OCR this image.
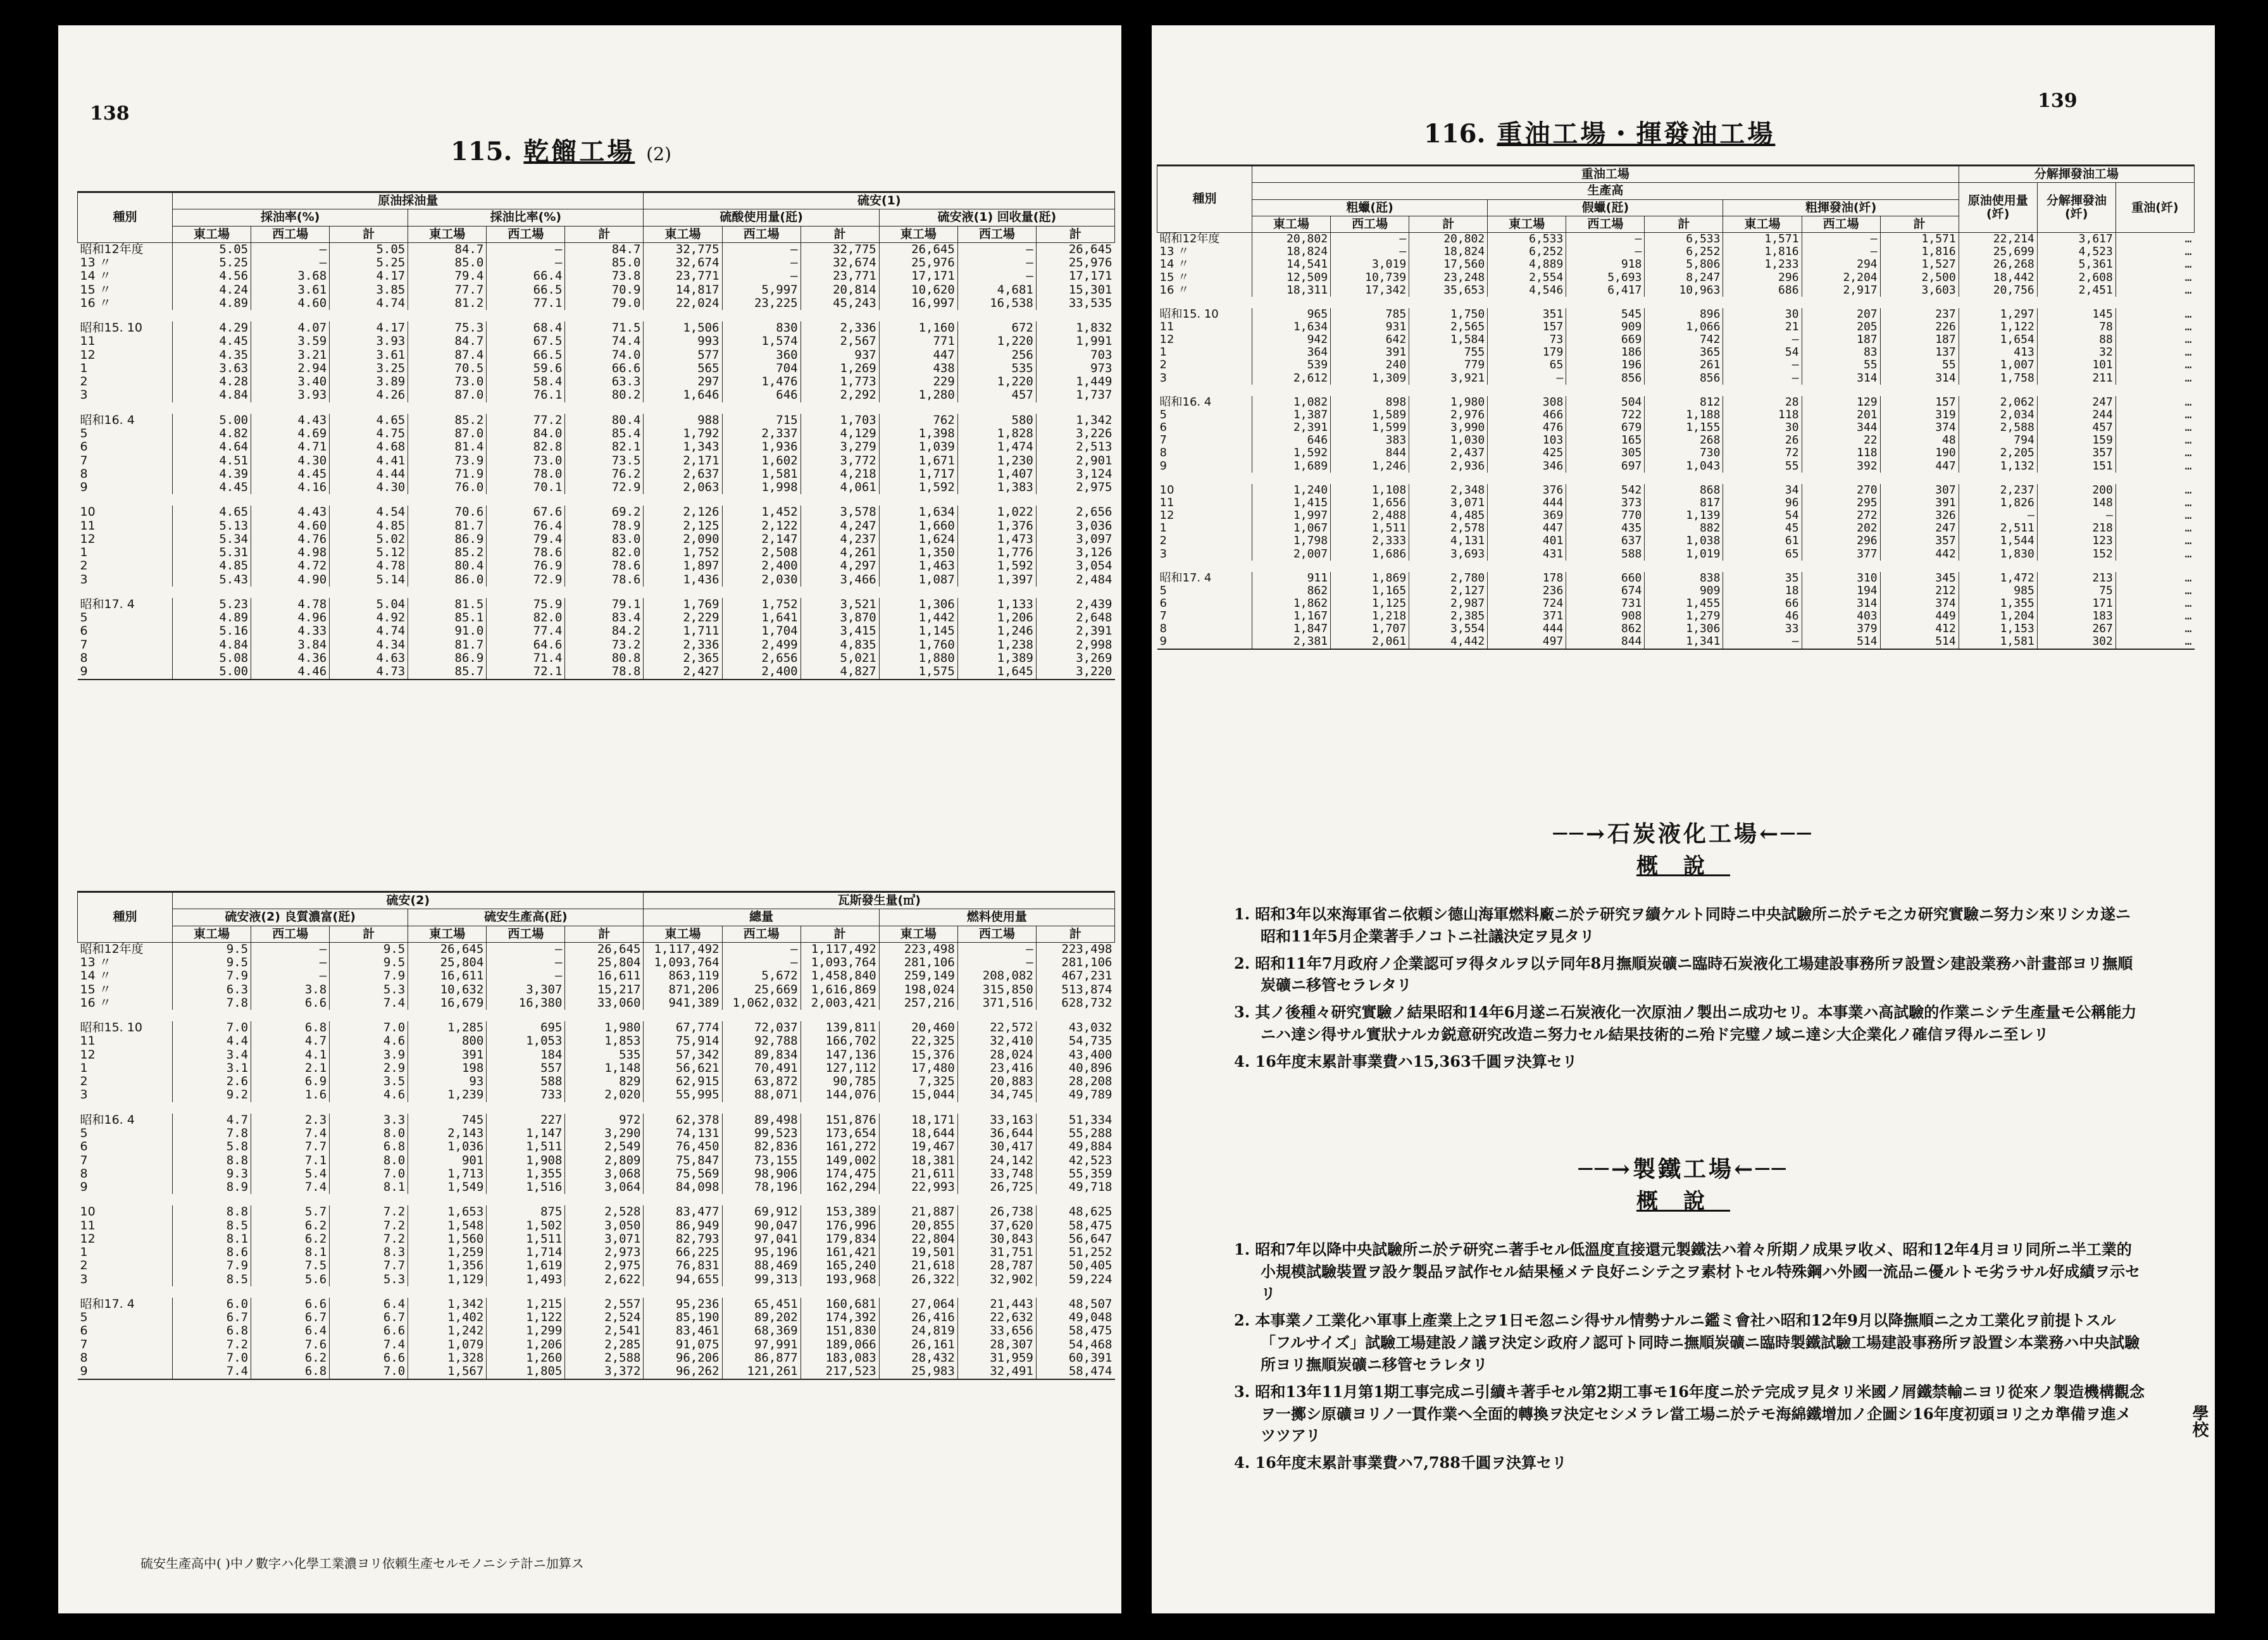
138
115. 乾餾工場 (2)
種別	原油採油量						硫安(1)					
	採油率(%)			採油比率(%)			硫酸使用量(瓩)			硫安液(1) 回收量(瓩)		
	東工場	西工場	計	東工場	西工場	計	東工場	西工場	計	東工場	西工場	計
昭和12年度	5.05	—	5.05	84.7	—	84.7	32,775	—	32,775	26,645	—	26,645
13 〃	5.25	—	5.25	85.0	—	85.0	32,674	—	32,674	25,976	—	25,976
14 〃	4.56	3.68	4.17	79.4	66.4	73.8	23,771	—	23,771	17,171	—	17,171
15 〃	4.24	3.61	3.85	77.7	66.5	70.9	14,817	5,997	20,814	10,620	4,681	15,301
16 〃	4.89	4.60	4.74	81.2	77.1	79.0	22,024	23,225	45,243	16,997	16,538	33,535

昭和15. 10	4.29	4.07	4.17	75.3	68.4	71.5	1,506	830	2,336	1,160	672	1,832
11	4.45	3.59	3.93	84.7	67.5	74.4	993	1,574	2,567	771	1,220	1,991
12	4.35	3.21	3.61	87.4	66.5	74.0	577	360	937	447	256	703
1	3.63	2.94	3.25	70.5	59.6	66.6	565	704	1,269	438	535	973
2	4.28	3.40	3.89	73.0	58.4	63.3	297	1,476	1,773	229	1,220	1,449
3	4.84	3.93	4.26	87.0	76.1	80.2	1,646	646	2,292	1,280	457	1,737

昭和16. 4	5.00	4.43	4.65	85.2	77.2	80.4	988	715	1,703	762	580	1,342
5	4.82	4.69	4.75	87.0	84.0	85.4	1,792	2,337	4,129	1,398	1,828	3,226
6	4.64	4.71	4.68	81.4	82.8	82.1	1,343	1,936	3,279	1,039	1,474	2,513
7	4.51	4.30	4.41	73.9	73.0	73.5	2,171	1,602	3,772	1,671	1,230	2,901
8	4.39	4.45	4.44	71.9	78.0	76.2	2,637	1,581	4,218	1,717	1,407	3,124
9	4.45	4.16	4.30	76.0	70.1	72.9	2,063	1,998	4,061	1,592	1,383	2,975

10	4.65	4.43	4.54	70.6	67.6	69.2	2,126	1,452	3,578	1,634	1,022	2,656
11	5.13	4.60	4.85	81.7	76.4	78.9	2,125	2,122	4,247	1,660	1,376	3,036
12	5.34	4.76	5.02	86.9	79.4	83.0	2,090	2,147	4,237	1,624	1,473	3,097
1	5.31	4.98	5.12	85.2	78.6	82.0	1,752	2,508	4,261	1,350	1,776	3,126
2	4.85	4.72	4.78	80.4	76.9	78.6	1,897	2,400	4,297	1,463	1,592	3,054
3	5.43	4.90	5.14	86.0	72.9	78.6	1,436	2,030	3,466	1,087	1,397	2,484

昭和17. 4	5.23	4.78	5.04	81.5	75.9	79.1	1,769	1,752	3,521	1,306	1,133	2,439
5	4.89	4.96	4.92	85.1	82.0	83.4	2,229	1,641	3,870	1,442	1,206	2,648
6	5.16	4.33	4.74	91.0	77.4	84.2	1,711	1,704	3,415	1,145	1,246	2,391
7	4.84	3.84	4.34	81.7	64.6	73.2	2,336	2,499	4,835	1,760	1,238	2,998
8	5.08	4.36	4.63	86.9	71.4	80.8	2,365	2,656	5,021	1,880	1,389	3,269
9	5.00	4.46	4.73	85.7	72.1	78.8	2,427	2,400	4,827	1,575	1,645	3,220
種別	硫安(2)						瓦斯發生量(㎥)					
	硫安液(2) 良質濃富(瓩)			硫安生產高(瓩)			總量			燃料使用量		
	東工場	西工場	計	東工場	西工場	計	東工場	西工場	計	東工場	西工場	計
昭和12年度	9.5	—	9.5	26,645	—	26,645	1,117,492	—	1,117,492	223,498	—	223,498
13 〃	9.5	—	9.5	25,804	—	25,804	1,093,764	—	1,093,764	281,106	—	281,106
14 〃	7.9	—	7.9	16,611	—	16,611	863,119	5,672	1,458,840	259,149	208,082	467,231
15 〃	6.3	3.8	5.3	10,632	3,307	15,217	871,206	25,669	1,616,869	198,024	315,850	513,874
16 〃	7.8	6.6	7.4	16,679	16,380	33,060	941,389	1,062,032	2,003,421	257,216	371,516	628,732

昭和15. 10	7.0	6.8	7.0	1,285	695	1,980	67,774	72,037	139,811	20,460	22,572	43,032
11	4.4	4.7	4.6	800	1,053	1,853	75,914	92,788	166,702	22,325	32,410	54,735
12	3.4	4.1	3.9	391	184	535	57,342	89,834	147,136	15,376	28,024	43,400
1	3.1	2.1	2.9	198	557	1,148	56,621	70,491	127,112	17,480	23,416	40,896
2	2.6	6.9	3.5	93	588	829	62,915	63,872	90,785	7,325	20,883	28,208
3	9.2	1.6	4.6	1,239	733	2,020	55,995	88,071	144,076	15,044	34,745	49,789

昭和16. 4	4.7	2.3	3.3	745	227	972	62,378	89,498	151,876	18,171	33,163	51,334
5	7.8	7.4	8.0	2,143	1,147	3,290	74,131	99,523	173,654	18,644	36,644	55,288
6	5.8	7.7	6.8	1,036	1,511	2,549	76,450	82,836	161,272	19,467	30,417	49,884
7	8.8	7.1	8.0	901	1,908	2,809	75,847	73,155	149,002	18,381	24,142	42,523
8	9.3	5.4	7.0	1,713	1,355	3,068	75,569	98,906	174,475	21,611	33,748	55,359
9	8.9	7.4	8.1	1,549	1,516	3,064	84,098	78,196	162,294	22,993	26,725	49,718

10	8.8	5.7	7.2	1,653	875	2,528	83,477	69,912	153,389	21,887	26,738	48,625
11	8.5	6.2	7.2	1,548	1,502	3,050	86,949	90,047	176,996	20,855	37,620	58,475
12	8.1	6.2	7.2	1,560	1,511	3,071	82,793	97,041	179,834	22,804	30,843	56,647
1	8.6	8.1	8.3	1,259	1,714	2,973	66,225	95,196	161,421	19,501	31,751	51,252
2	7.9	7.5	7.7	1,356	1,619	2,975	76,831	88,469	165,240	21,618	28,787	50,405
3	8.5	5.6	5.3	1,129	1,493	2,622	94,655	99,313	193,968	26,322	32,902	59,224

昭和17. 4	6.0	6.6	6.4	1,342	1,215	2,557	95,236	65,451	160,681	27,064	21,443	48,507
5	6.7	6.7	6.7	1,402	1,122	2,524	85,190	89,202	174,392	26,416	22,632	49,048
6	6.8	6.4	6.6	1,242	1,299	2,541	83,461	68,369	151,830	24,819	33,656	58,475
7	7.2	7.6	7.4	1,079	1,206	2,285	91,075	97,991	189,066	26,161	28,307	54,468
8	7.0	6.2	6.6	1,328	1,260	2,588	96,206	86,877	183,083	28,432	31,959	60,391
9	7.4	6.8	7.0	1,567	1,805	3,372	96,262	121,261	217,523	25,983	32,491	58,474
硫安生產高中( )中ノ數字ハ化學工業濃ヨリ依頼生產セルモノニシテ計ニ加算ス
139
116. 重油工場・揮發油工場
種別	重油工場									分解揮發油工場		
	生產高									原油使用量(竏)	分解揮發油(竏)	重油(竏)
	粗蠟(瓩)			假蠟(瓩)			粗揮發油(竏)					
	東工場	西工場	計	東工場	西工場	計	東工場	西工場	計			
昭和12年度	20,802	—	20,802	6,533	—	6,533	1,571	—	1,571	22,214	3,617	…
13 〃	18,824	—	18,824	6,252	—	6,252	1,816	—	1,816	25,699	4,523	…
14 〃	14,541	3,019	17,560	4,889	918	5,806	1,233	294	1,527	26,268	5,361	…
15 〃	12,509	10,739	23,248	2,554	5,693	8,247	296	2,204	2,500	18,442	2,608	…
16 〃	18,311	17,342	35,653	4,546	6,417	10,963	686	2,917	3,603	20,756	2,451	…

昭和15. 10	965	785	1,750	351	545	896	30	207	237	1,297	145	…
11	1,634	931	2,565	157	909	1,066	21	205	226	1,122	78	…
12	942	642	1,584	73	669	742	—	187	187	1,654	88	…
1	364	391	755	179	186	365	54	83	137	413	32	…
2	539	240	779	65	196	261	—	55	55	1,007	101	…
3	2,612	1,309	3,921	—	856	856	—	314	314	1,758	211	…

昭和16. 4	1,082	898	1,980	308	504	812	28	129	157	2,062	247	…
5	1,387	1,589	2,976	466	722	1,188	118	201	319	2,034	244	…
6	2,391	1,599	3,990	476	679	1,155	30	344	374	2,588	457	…
7	646	383	1,030	103	165	268	26	22	48	794	159	…
8	1,592	844	2,437	425	305	730	72	118	190	2,205	357	…
9	1,689	1,246	2,936	346	697	1,043	55	392	447	1,132	151	…

10	1,240	1,108	2,348	376	542	868	34	270	307	2,237	200	…
11	1,415	1,656	3,071	444	373	817	96	295	391	1,826	148	…
12	1,997	2,488	4,485	369	770	1,139	54	272	326	—	—	…
1	1,067	1,511	2,578	447	435	882	45	202	247	2,511	218	…
2	1,798	2,333	4,131	401	637	1,038	61	296	357	1,544	123	…
3	2,007	1,686	3,693	431	588	1,019	65	377	442	1,830	152	…

昭和17. 4	911	1,869	2,780	178	660	838	35	310	345	1,472	213	…
5	862	1,165	2,127	236	674	909	18	194	212	985	75	…
6	1,862	1,125	2,987	724	731	1,455	66	314	374	1,355	171	…
7	1,167	1,218	2,385	371	908	1,279	46	403	449	1,204	183	…
8	1,847	1,707	3,554	444	862	1,306	33	379	412	1,153	267	…
9	2,381	2,061	4,442	497	844	1,341	—	514	514	1,581	302	…
──→石炭液化工場←──
概說

1. 昭和3年以來海軍省ニ依頼シ德山海軍燃料廠ニ於テ研究ヲ續ケルト同時ニ中央試驗所ニ於テモ之カ研究實驗ニ努力シ來リシカ遂ニ昭和11年5月企業著手ノコトニ社議決定ヲ見タリ

2. 昭和11年7月政府ノ企業認可ヲ得タルヲ以テ同年8月撫順炭礦ニ臨時石炭液化工場建設事務所ヲ設置シ建設業務ハ計畫部ヨリ撫順炭礦ニ移管セラレタリ

3. 其ノ後種々研究實驗ノ結果昭和14年6月遂ニ石炭液化一次原油ノ製出ニ成功セリ。本事業ハ高試驗的作業ニシテ生產量モ公稱能力ニハ達シ得サル實狀ナルカ鋭意研究改造ニ努力セル結果技術的ニ殆ド完璧ノ域ニ達シ大企業化ノ確信ヲ得ルニ至レリ

4. 16年度末累計事業費ハ15,363千圓ヲ決算セリ

──→製鐵工場←──
概說

1. 昭和7年以降中央試驗所ニ於テ研究ニ著手セル低溫度直接還元製鐵法ハ着々所期ノ成果ヲ收メ、昭和12年4月ヨリ同所ニ半工業的小規模試驗裝置ヲ設ケ製品ヲ試作セル結果極メテ良好ニシテ之ヲ素材トセル特殊鋼ハ外國一流品ニ優ルトモ劣ラサル好成績ヲ示セリ

2. 本事業ノ工業化ハ軍事上產業上之ヲ1日モ忽ニシ得サル情勢ナルニ鑑ミ會社ハ昭和12年9月以降撫順ニ之カ工業化ヲ前提トスル「フルサイズ」試驗工場建設ノ議ヲ決定シ政府ノ認可ト同時ニ撫順炭礦ニ臨時製鐵試驗工場建設事務所ヲ設置シ本業務ハ中央試驗所ヨリ撫順炭礦ニ移管セラレタリ

3. 昭和13年11月第1期工事完成ニ引續キ著手セル第2期工事モ16年度ニ於テ完成ヲ見タリ米國ノ屑鐵禁輸ニヨリ從來ノ製造機構觀念ヲ一擲シ原礦ヨリノ一貫作業ヘ全面的轉換ヲ決定セシメラレ當工場ニ於テモ海綿鐵增加ノ企圖シ16年度初頭ヨリ之カ準備ヲ進メツツアリ

4. 16年度末累計事業費ハ7,788千圓ヲ決算セリ

學校
